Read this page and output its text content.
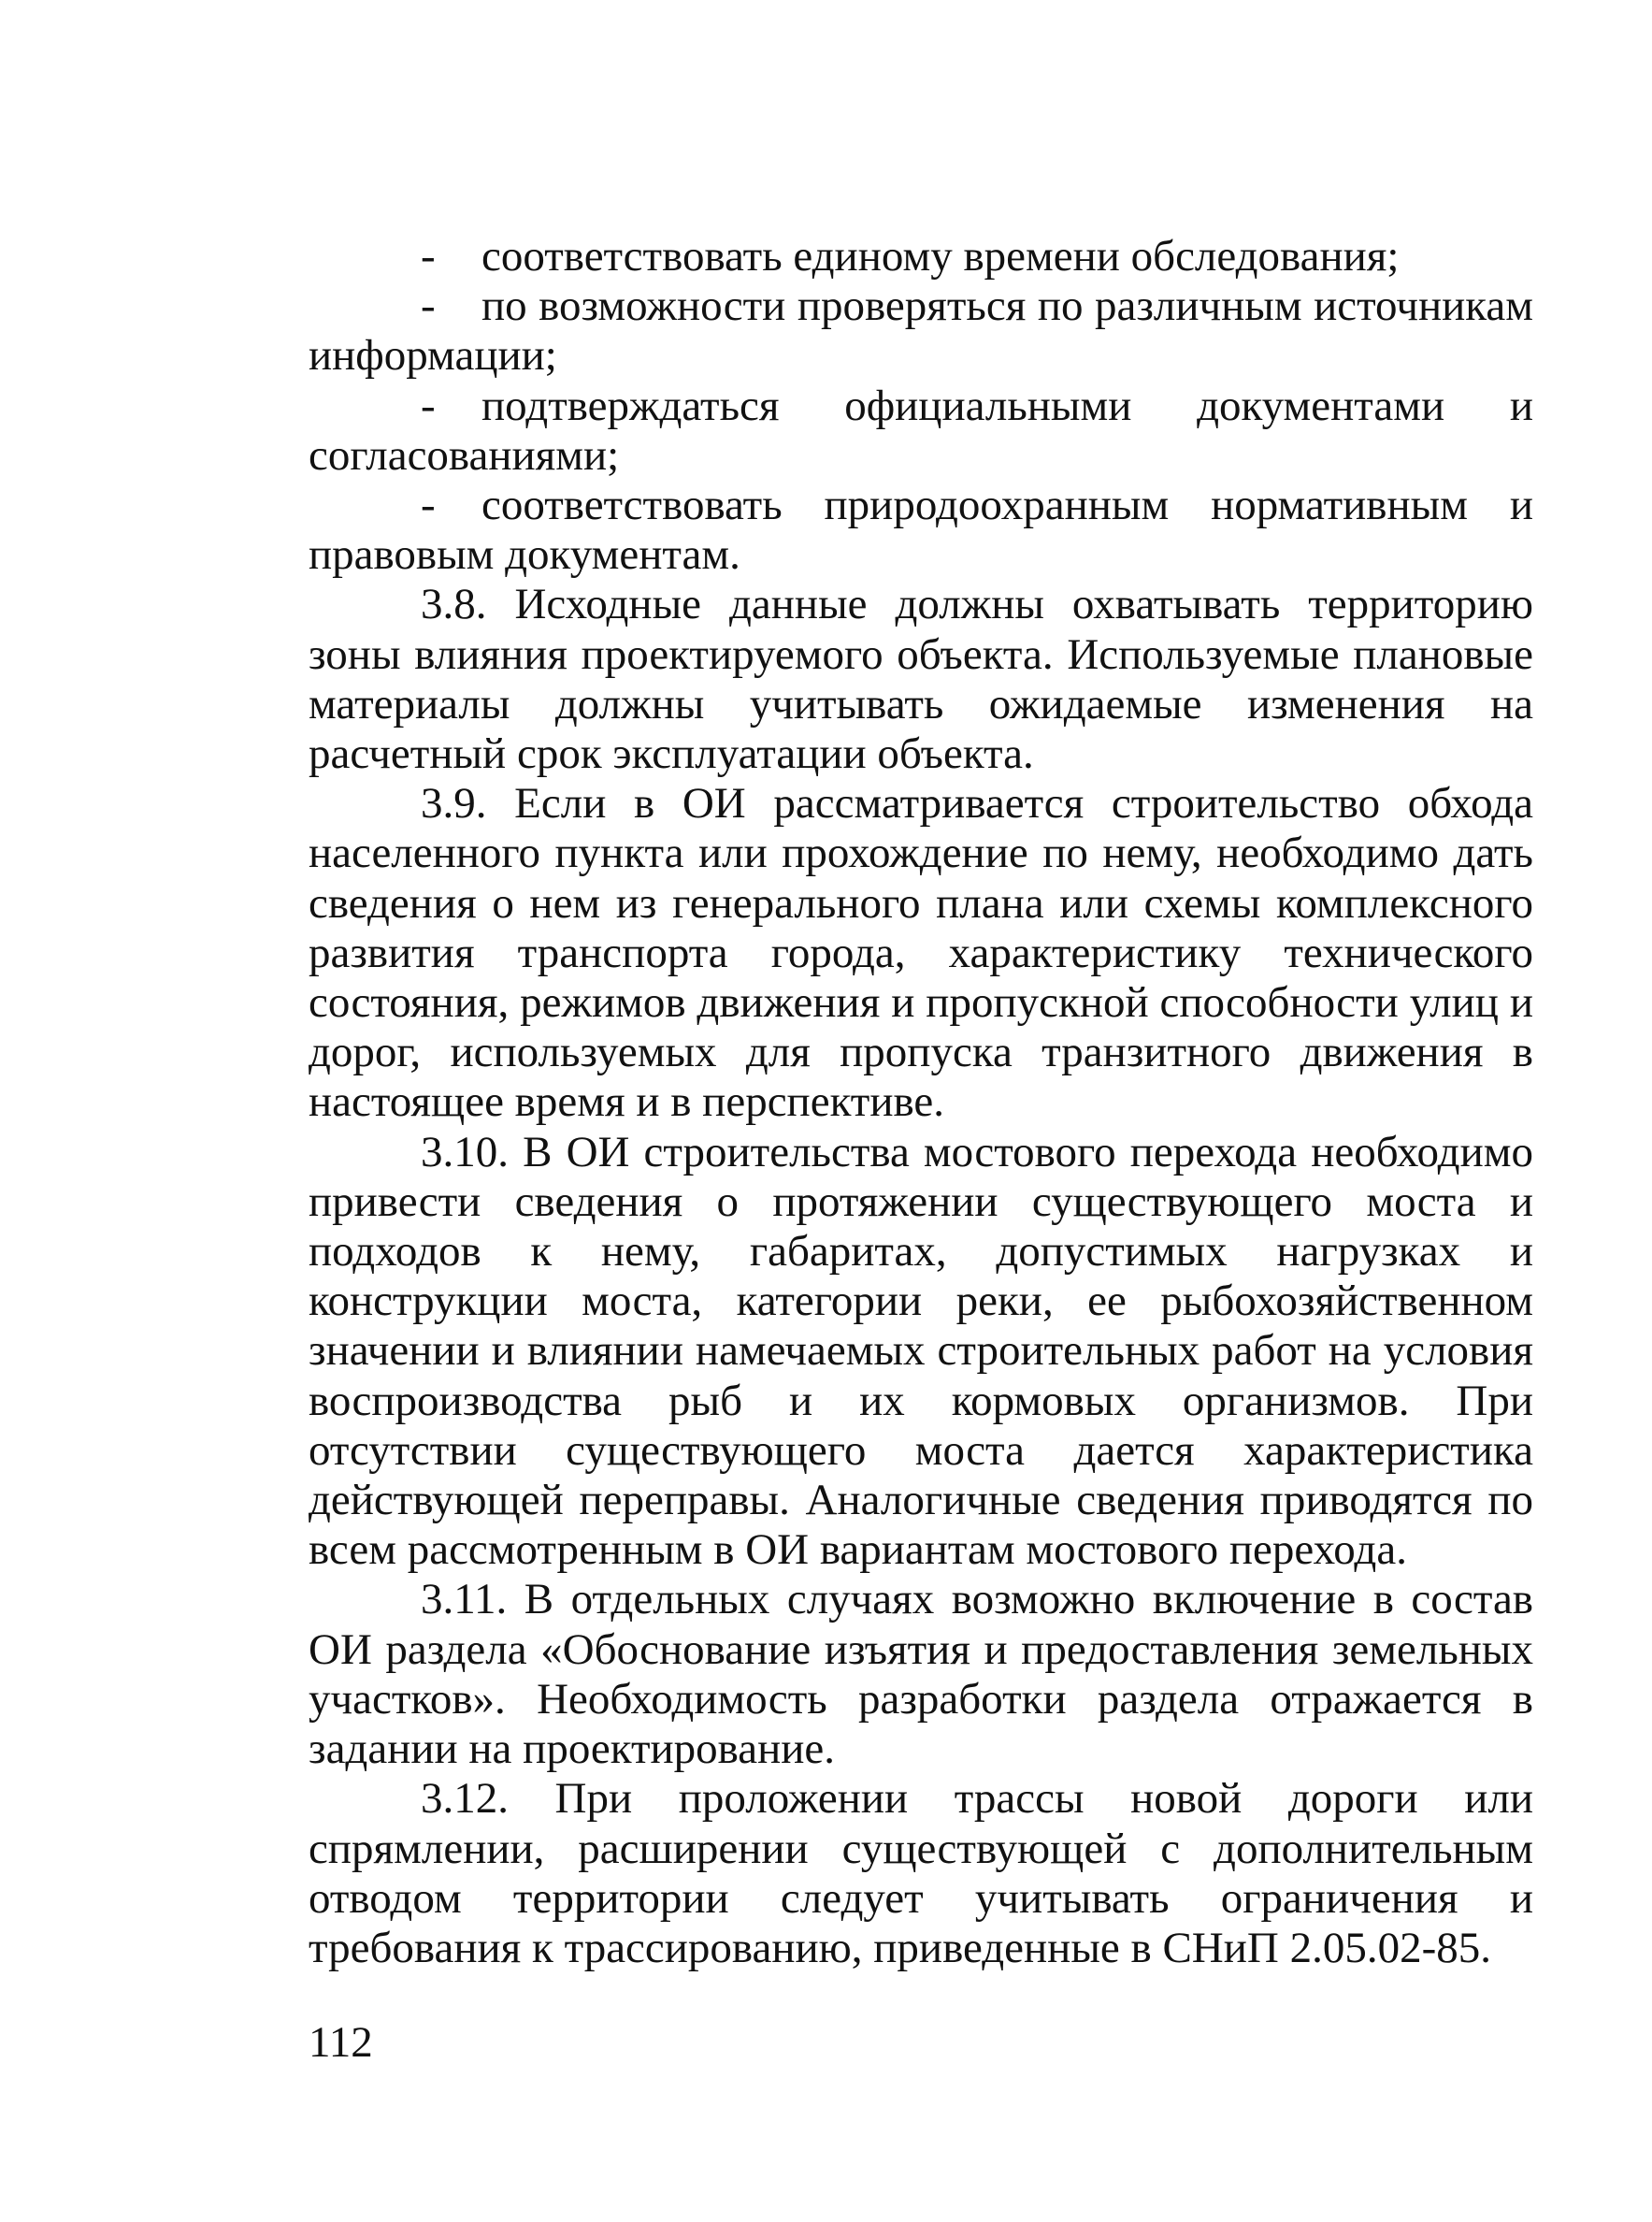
- соответствовать единому времени обследования;

- по возможности проверяться по различным источникам информации;

- подтверждаться официальными документами и согласованиями;

- соответствовать природоохранным нормативным и правовым документам.

3.8. Исходные данные должны охватывать территорию зоны влияния проектируемого объекта. Используемые плановые материалы должны учитывать ожидаемые изменения на расчетный срок эксплуатации объекта.

3.9. Если в ОИ рассматривается строительство обхода населенного пункта или прохождение по нему, необходимо дать сведения о нем из генерального плана или схемы комплексного развития транспорта города, характеристику технического состояния, режимов движения и пропускной способности улиц и дорог, используемых для пропуска транзитного движения в настоящее время и в перспективе.

3.10. В ОИ строительства мостового перехода необходимо привести сведения о протяжении существующего моста и подходов к нему, габаритах, допустимых нагрузках и конструкции моста, категории реки, ее рыбохозяйственном значении и влиянии намечаемых строительных работ на условия воспроизводства рыб и их кормовых организмов. При отсутствии существующего моста дается характеристика действующей переправы. Аналогичные сведения приводятся по всем рассмотренным в ОИ вариантам мостового перехода.

3.11. В отдельных случаях возможно включение в состав ОИ раздела «Обоснование изъятия и предоставления земельных участков». Необходимость разработки раздела отражается в задании на проектирование.

3.12. При проложении трассы новой дороги или спрямлении, расширении существующей с дополнительным отводом территории следует учитывать ограничения и требования к трассированию, приведенные в СНиП 2.05.02-85.

112
